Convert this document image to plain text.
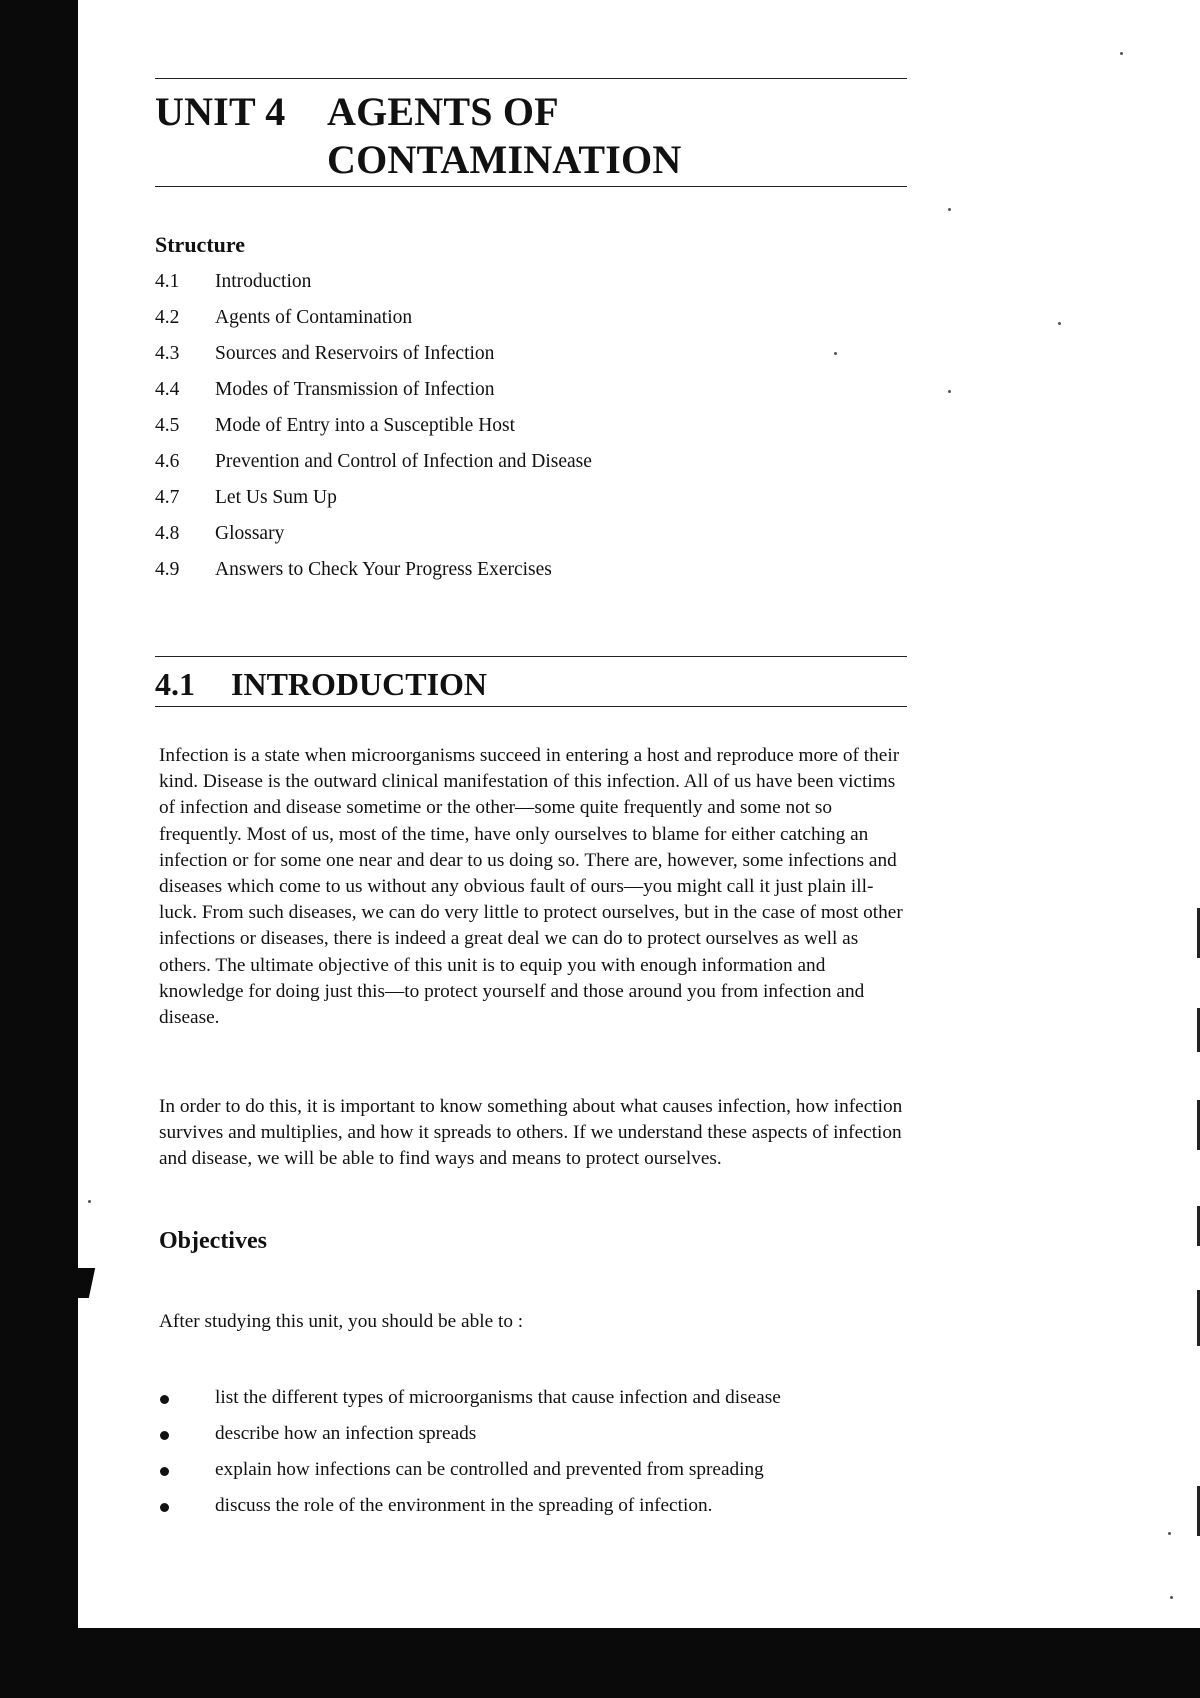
UNIT 4 AGENTS OF
CONTAMINATION
Structure
4.1 Introduction
4.2 Agents of Contamination
4.3 Sources and Reservoirs of Infection
4.4 Modes of Transmission of Infection
4.5 Mode of Entry into a Susceptible Host
4.6 Prevention and Control of Infection and Disease
4.7 Let Us Sum Up
4.8 Glossary
4.9 Answers to Check Your Progress Exercises
4.1 INTRODUCTION

Infection is a state when microorganisms succeed in entering a host and reproduce more of their kind. Disease is the outward clinical manifestation of this infection. All of us have been victims of infection and disease sometime or the other—some quite frequently and some not so frequently. Most of us, most of the time, have only ourselves to blame for either catching an infection or for some one near and dear to us doing so. There are, however, some infections and diseases which come to us without any obvious fault of ours—you might call it just plain ill-luck. From such diseases, we can do very little to protect ourselves, but in the case of most other infections or diseases, there is indeed a great deal we can do to protect ourselves as well as others. The ultimate objective of this unit is to equip you with enough information and knowledge for doing just this—to protect yourself and those around you from infection and disease.

In order to do this, it is important to know something about what causes infection, how infection survives and multiplies, and how it spreads to others. If we understand these aspects of infection and disease, we will be able to find ways and means to protect ourselves.

Objectives

After studying this unit, you should be able to :

list the different types of microorganisms that cause infection and disease
describe how an infection spreads
explain how infections can be controlled and prevented from spreading
discuss the role of the environment in the spreading of infection.
